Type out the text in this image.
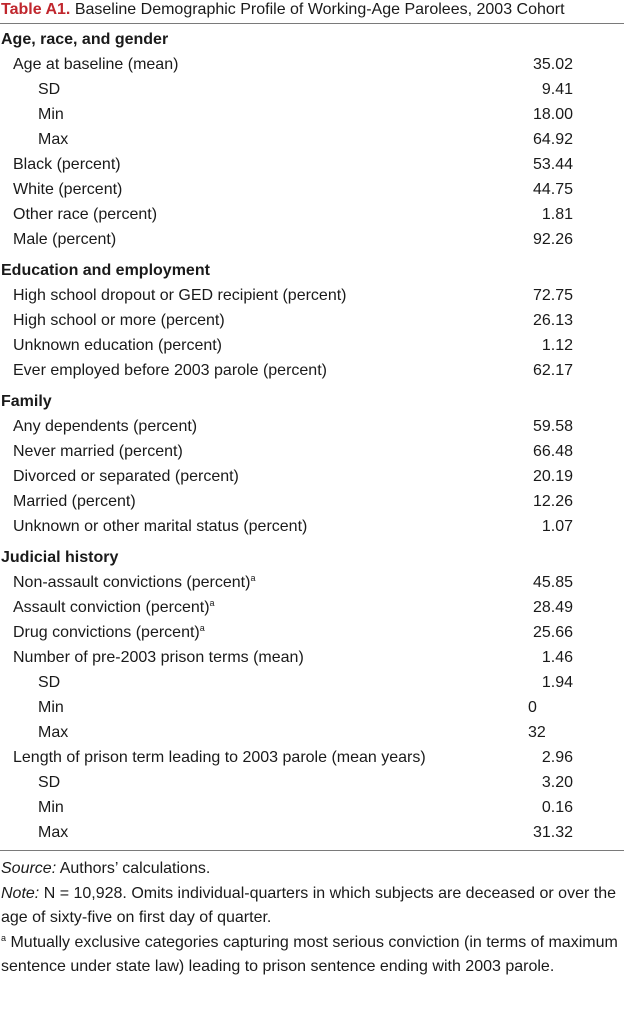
Table A1. Baseline Demographic Profile of Working-Age Parolees, 2003 Cohort
Age, race, and gender
Age at baseline (mean)	35.02
SD	9.41
Min	18.00
Max	64.92
Black (percent)	53.44
White (percent)	44.75
Other race (percent)	1.81
Male (percent)	92.26
Education and employment
High school dropout or GED recipient (percent)	72.75
High school or more (percent)	26.13
Unknown education (percent)	1.12
Ever employed before 2003 parole (percent)	62.17
Family
Any dependents (percent)	59.58
Never married (percent)	66.48
Divorced or separated (percent)	20.19
Married (percent)	12.26
Unknown or other marital status (percent)	1.07
Judicial history
Non-assault convictions (percent)$^a$	45.85
Assault conviction (percent)$^a$	28.49
Drug convictions (percent)$^a$	25.66
Number of pre-2003 prison terms (mean)	1.46
SD	1.94
Min	0
Max	32
Length of prison term leading to 2003 parole (mean years)	2.96
SD	3.20
Min	0.16
Max	31.32

Source: Authors’ calculations.

Note: N = 10,928. Omits individual-quarters in which subjects are deceased or over the age of sixty-five on first day of quarter.

$^a$ Mutually exclusive categories capturing most serious conviction (in terms of maximum sentence under state law) leading to prison sentence ending with 2003 parole.
